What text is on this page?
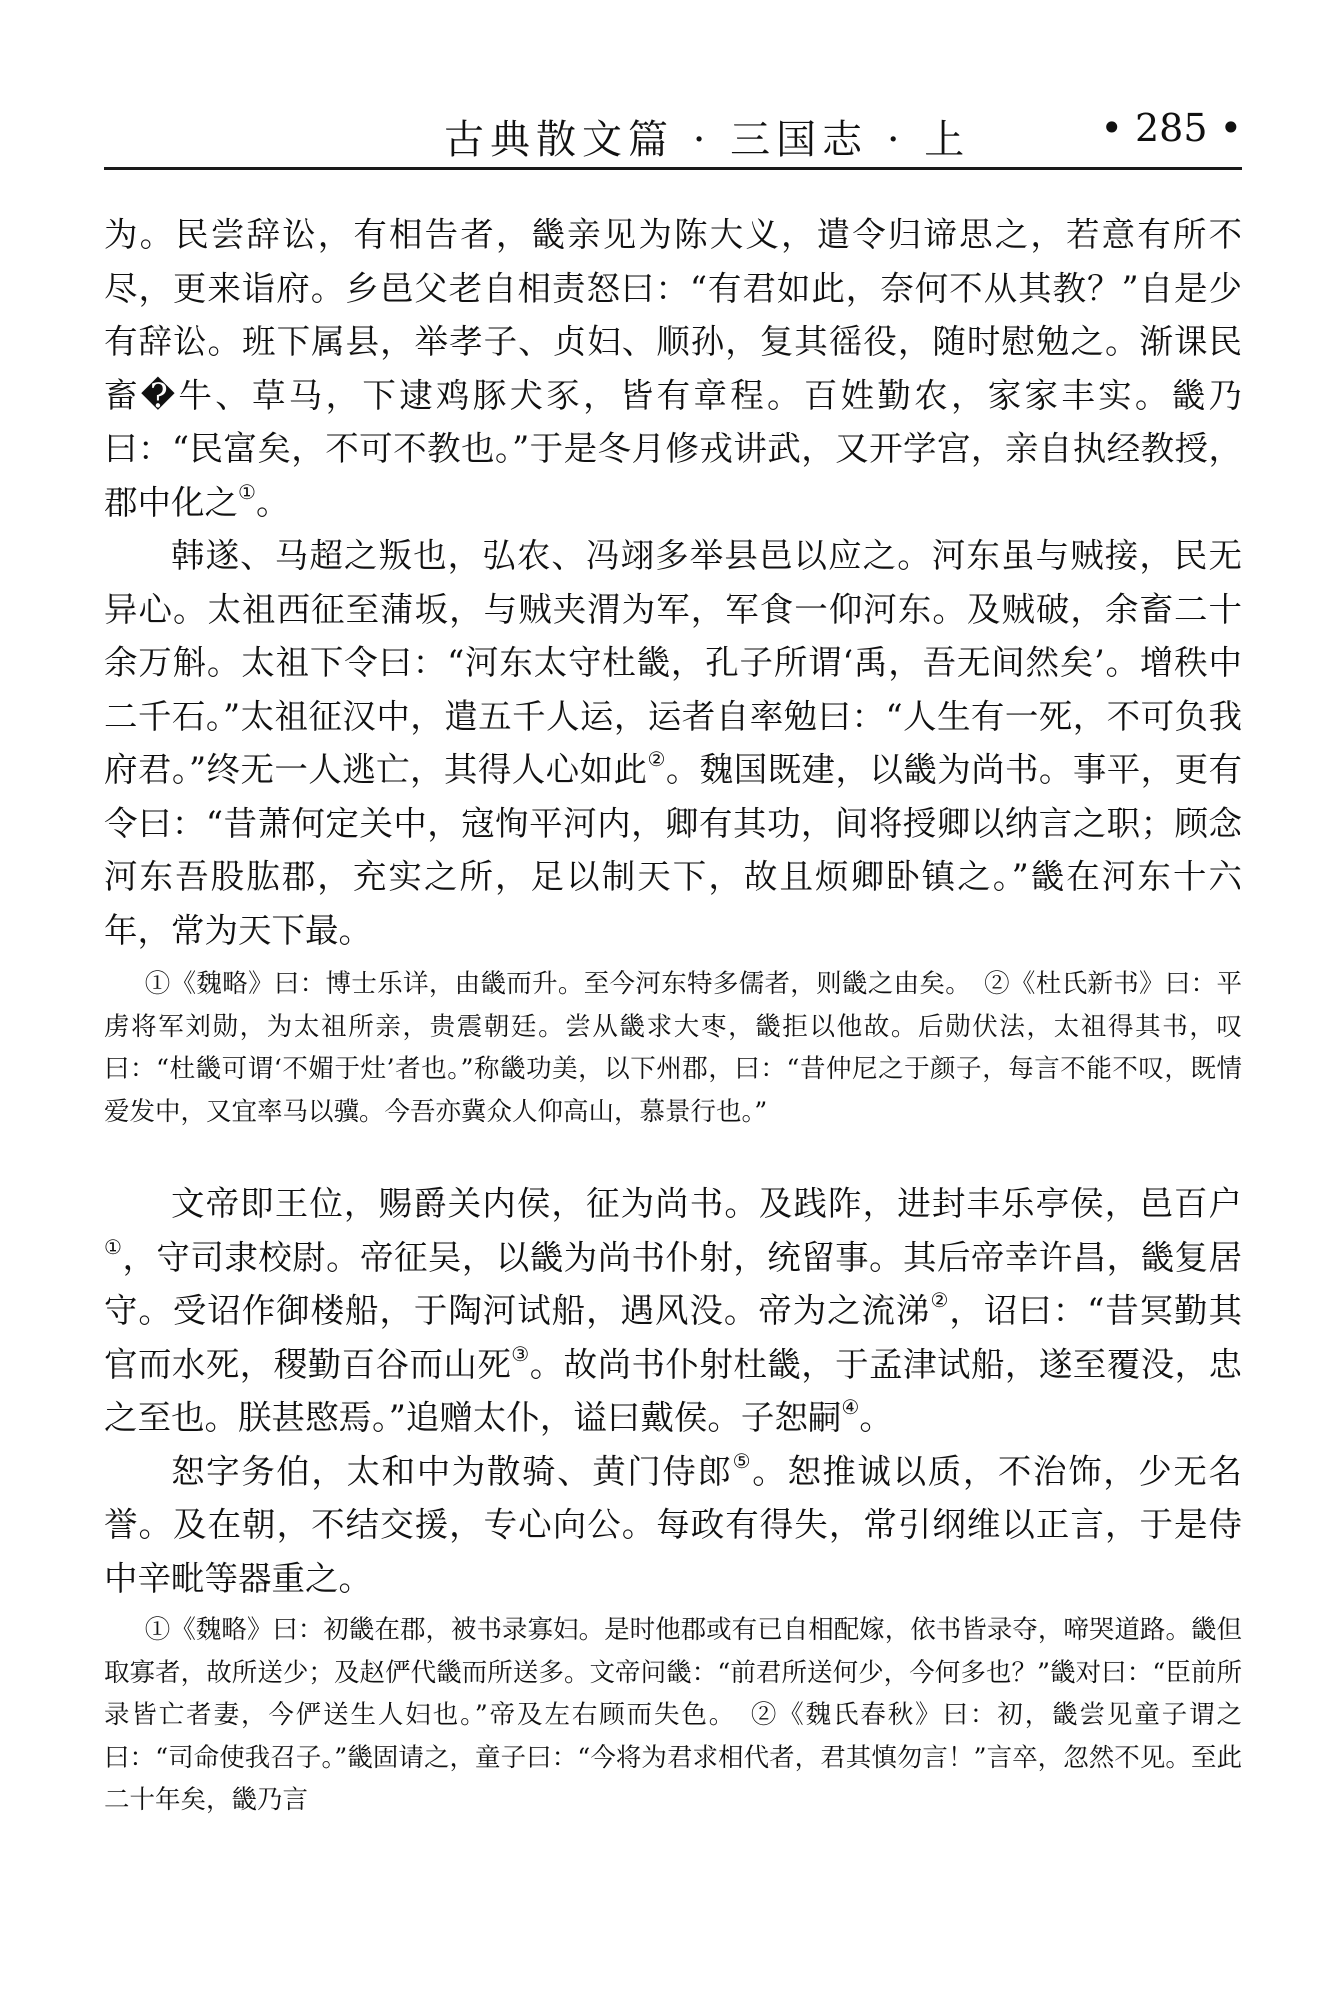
古典散文篇 · 三国志 · 上	• 285 •

为。民尝辞讼，有相告者，畿亲见为陈大义，遣令归谛思之，若意有所不尽，更来诣府。乡邑父老自相责怒曰：“有君如此，奈何不从其教？”自是少有辞讼。班下属县，举孝子、贞妇、顺孙，复其徭役，随时慰勉之。渐课民畜�牛、草马，下逮鸡豚犬豕，皆有章程。百姓勤农，家家丰实。畿乃曰：“民富矣，不可不教也。”于是冬月修戎讲武，又开学宫，亲自执经教授，郡中化之①。

韩遂、马超之叛也，弘农、冯翊多举县邑以应之。河东虽与贼接，民无异心。太祖西征至蒲坂，与贼夹渭为军，军食一仰河东。及贼破，余畜二十余万斛。太祖下令曰：“河东太守杜畿，孔子所谓‘禹，吾无间然矣’。增秩中二千石。”太祖征汉中，遣五千人运，运者自率勉曰：“人生有一死，不可负我府君。”终无一人逃亡，其得人心如此②。魏国既建，以畿为尚书。事平，更有令曰：“昔萧何定关中，寇恂平河内，卿有其功，间将授卿以纳言之职；顾念河东吾股肱郡，充实之所，足以制天下，故且烦卿卧镇之。”畿在河东十六年，常为天下最。

①《魏略》曰：博士乐详，由畿而升。至今河东特多儒者，则畿之由矣。　②《杜氏新书》曰：平虏将军刘勋，为太祖所亲，贵震朝廷。尝从畿求大枣，畿拒以他故。后勋伏法，太祖得其书，叹曰：“杜畿可谓‘不媚于灶’者也。”称畿功美，以下州郡，曰：“昔仲尼之于颜子，每言不能不叹，既情爱发中，又宜率马以骥。今吾亦冀众人仰高山，慕景行也。”

文帝即王位，赐爵关内侯，征为尚书。及践阼，进封丰乐亭侯，邑百户①，守司隶校尉。帝征吴，以畿为尚书仆射，统留事。其后帝幸许昌，畿复居守。受诏作御楼船，于陶河试船，遇风没。帝为之流涕②，诏曰：“昔冥勤其官而水死，稷勤百谷而山死③。故尚书仆射杜畿，于孟津试船，遂至覆没，忠之至也。朕甚愍焉。”追赠太仆，谥曰戴侯。子恕嗣④。

恕字务伯，太和中为散骑、黄门侍郎⑤。恕推诚以质，不治饰，少无名誉。及在朝，不结交援，专心向公。每政有得失，常引纲维以正言，于是侍中辛毗等器重之。

①《魏略》曰：初畿在郡，被书录寡妇。是时他郡或有已自相配嫁，依书皆录夺，啼哭道路。畿但取寡者，故所送少；及赵俨代畿而所送多。文帝问畿：“前君所送何少，今何多也？”畿对曰：“臣前所录皆亡者妻，今俨送生人妇也。”帝及左右顾而失色。　②《魏氏春秋》曰：初，畿尝见童子谓之曰：“司命使我召子。”畿固请之，童子曰：“今将为君求相代者，君其慎勿言！”言卒，忽然不见。至此二十年矣，畿乃言
